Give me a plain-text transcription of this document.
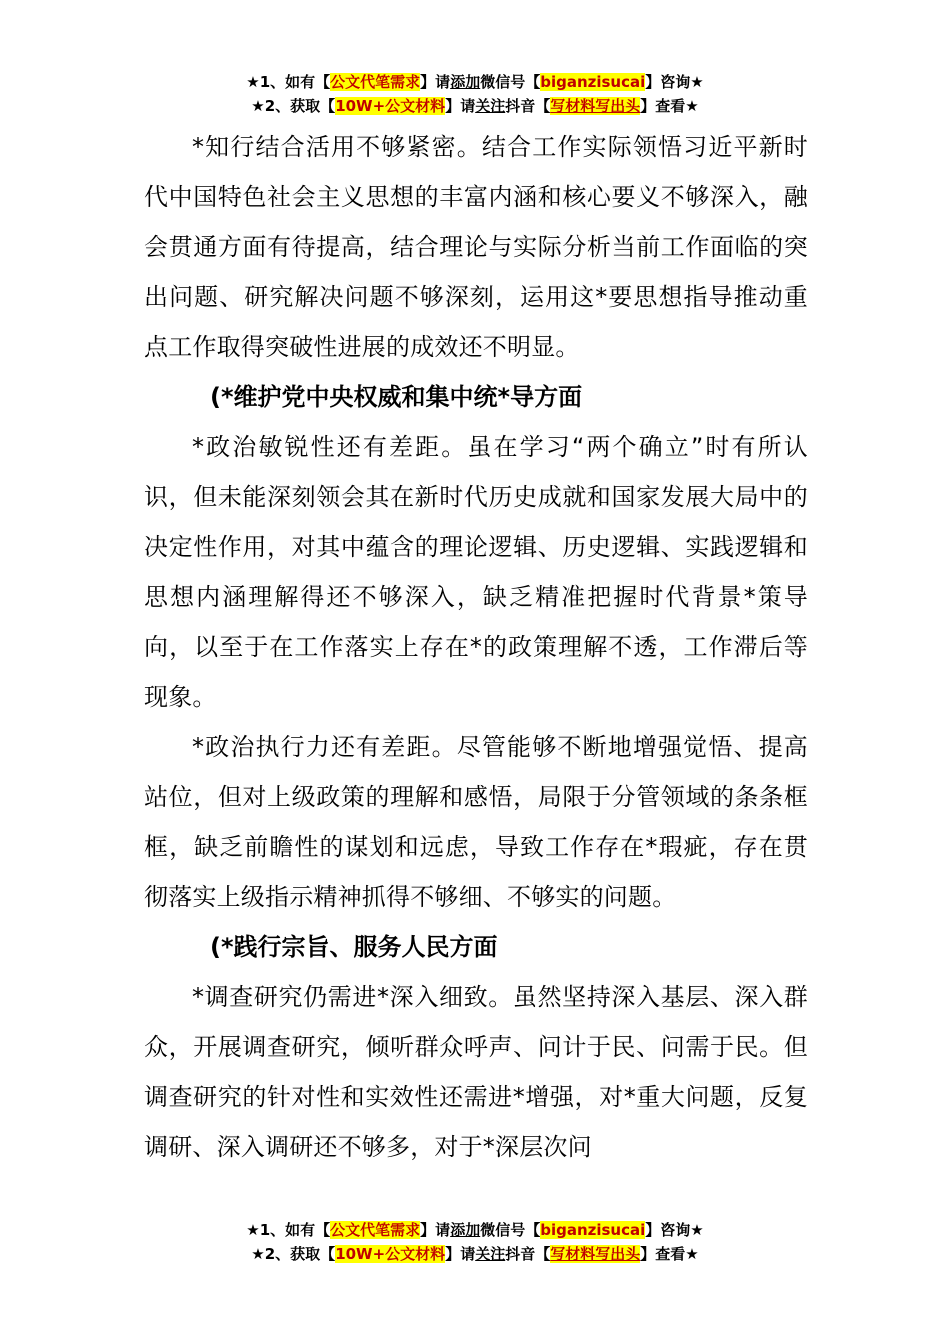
★1、如有【公文代笔需求】请添加微信号【biganzisucai】咨询★
★2、获取【10W+公文材料】请关注抖音【写材料写出头】查看★

*知行结合活用不够紧密。结合工作实际领悟习近平新时代中国特色社会主义思想的丰富内涵和核心要义不够深入，融会贯通方面有待提高，结合理论与实际分析当前工作面临的突出问题、研究解决问题不够深刻，运用这*要思想指导推动重点工作取得突破性进展的成效还不明显。

(*维护党中央权威和集中统*导方面

*政治敏锐性还有差距。虽在学习“两个确立”时有所认识，但未能深刻领会其在新时代历史成就和国家发展大局中的决定性作用，对其中蕴含的理论逻辑、历史逻辑、实践逻辑和思想内涵理解得还不够深入，缺乏精准把握时代背景*策导向，以至于在工作落实上存在*的政策理解不透，工作滞后等现象。

*政治执行力还有差距。尽管能够不断地增强觉悟、提高站位，但对上级政策的理解和感悟，局限于分管领域的条条框框，缺乏前瞻性的谋划和远虑，导致工作存在*瑕疵，存在贯彻落实上级指示精神抓得不够细、不够实的问题。

(*践行宗旨、服务人民方面

*调查研究仍需进*深入细致。虽然坚持深入基层、深入群众，开展调查研究，倾听群众呼声、问计于民、问需于民。但调查研究的针对性和实效性还需进*增强，对*重大问题，反复调研、深入调研还不够多，对于*深层次问

★1、如有【公文代笔需求】请添加微信号【biganzisucai】咨询★
★2、获取【10W+公文材料】请关注抖音【写材料写出头】查看★
